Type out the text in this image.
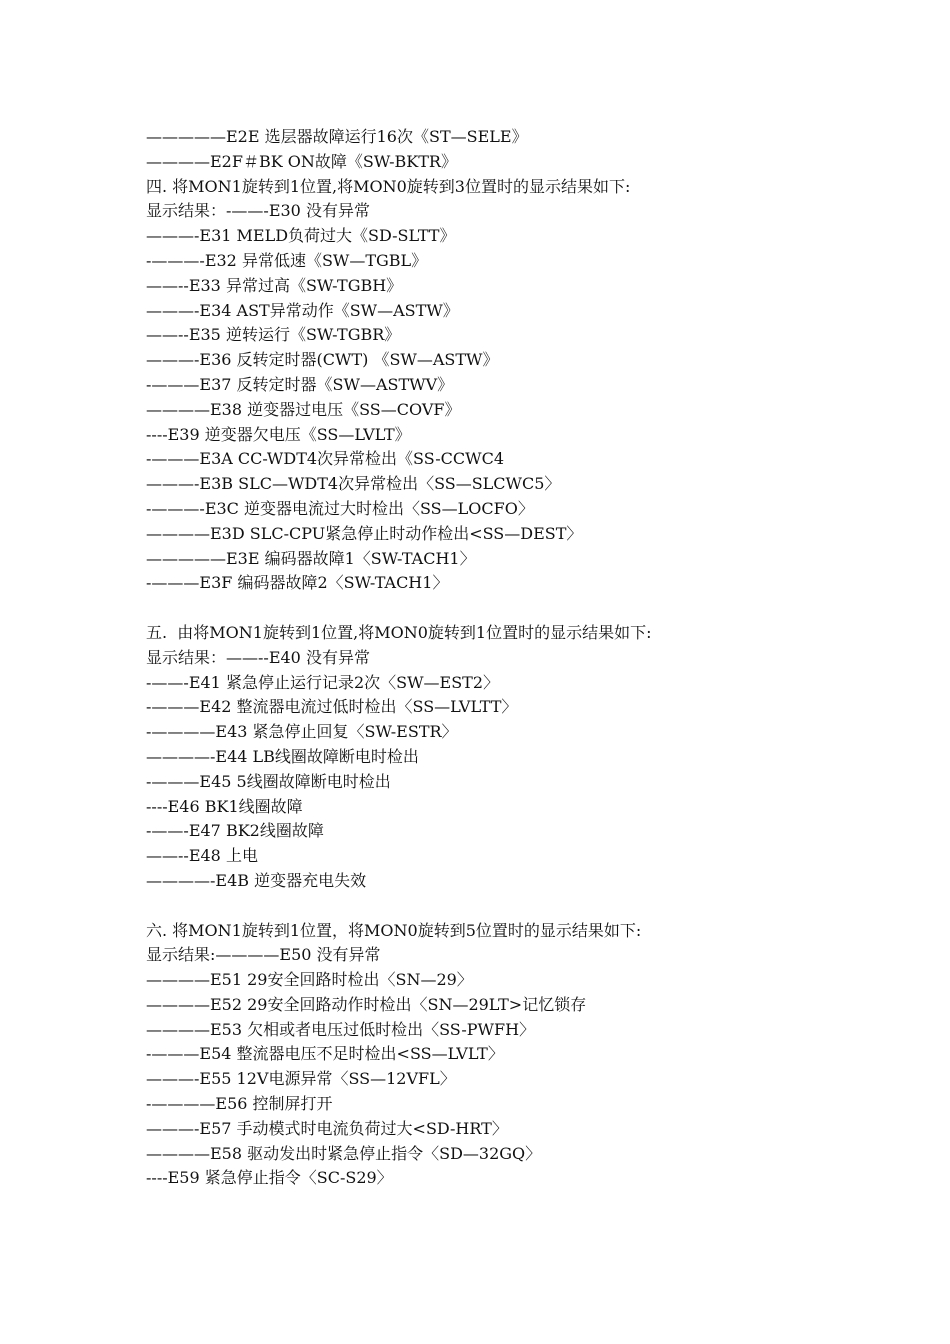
—————E2E 选层器故障运行16次《ST—SELE》
————E2F＃BK ON故障《SW-BKTR》
四. 将MON1旋转到1位置,将MON0旋转到3位置时的显示结果如下:
显示结果：-——-E30 没有异常
———-E31 MELD负荷过大《SD-SLTT》
-———-E32 异常低速《SW—TGBL》
——--E33 异常过高《SW-TGBH》
———-E34 AST异常动作《SW—ASTW》
——--E35 逆转运行《SW-TGBR》
———-E36 反转定时器(CWT) 《SW—ASTW》
-———E37 反转定时器《SW—ASTWV》
————E38 逆变器过电压《SS—COVF》
----E39 逆变器欠电压《SS—LVLT》
-———E3A CC-WDT4次异常检出《SS-CCWC4
———-E3B SLC—WDT4次异常检出〈SS—SLCWC5〉
-———-E3C 逆变器电流过大时检出〈SS—LOCFO〉
————E3D SLC-CPU紧急停止时动作检出<SS—DEST〉
—————E3E 编码器故障1〈SW-TACH1〉
-———E3F 编码器故障2〈SW-TACH1〉
五.  由将MON1旋转到1位置,将MON0旋转到1位置时的显示结果如下:
显示结果：——--E40 没有异常
-——-E41 紧急停止运行记录2次〈SW—EST2〉
-———E42 整流器电流过低时检出〈SS—LVLTT〉
-————E43 紧急停止回复〈SW-ESTR〉
————-E44 LB线圈故障断电时检出
-———E45 5线圈故障断电时检出
----E46 BK1线圈故障
-——-E47 BK2线圈故障
——--E48 上电
————-E4B 逆变器充电失效
六. 将MON1旋转到1位置，将MON0旋转到5位置时的显示结果如下:
显示结果:————E50 没有异常
————E51 29安全回路时检出〈SN—29〉
————E52 29安全回路动作时检出〈SN—29LT>记忆锁存
————E53 欠相或者电压过低时检出〈SS-PWFH〉
-———E54 整流器电压不足时检出<SS—LVLT〉
———-E55 12V电源异常〈SS—12VFL〉
-————E56 控制屏打开
———-E57 手动模式时电流负荷过大<SD-HRT〉
————E58 驱动发出时紧急停止指令〈SD—32GQ〉
----E59 紧急停止指令〈SC-S29〉
